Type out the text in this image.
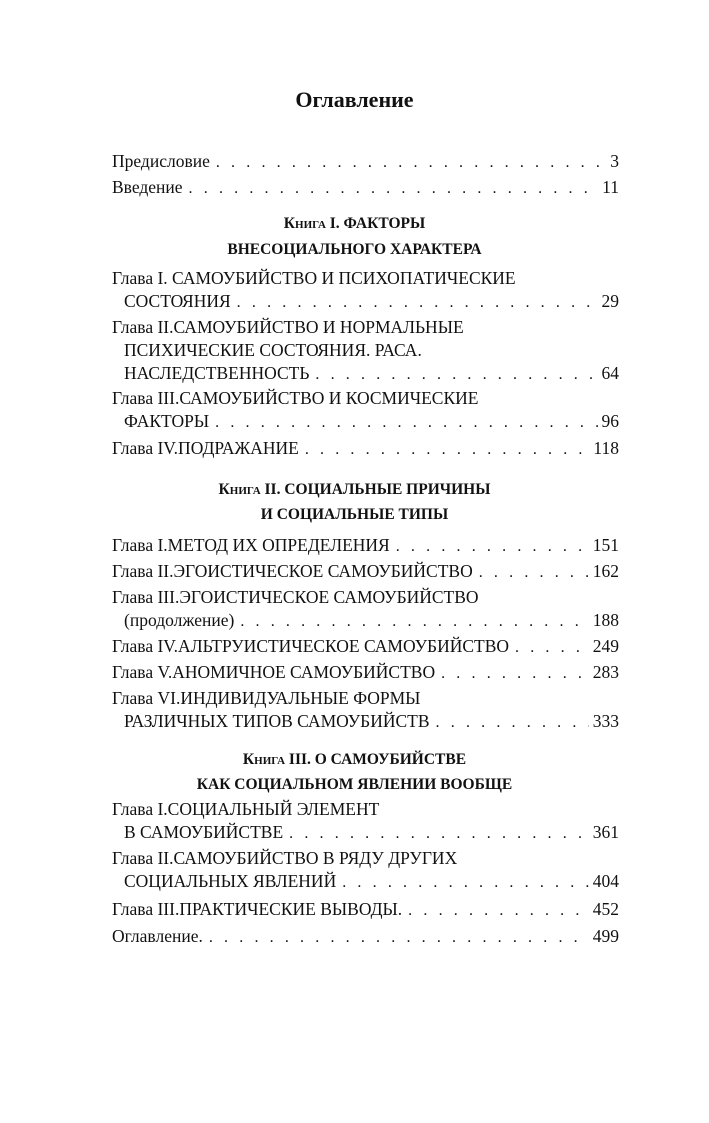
Оглавление
Предисловие . . .	3
Введение . . .	11
Книга I. ФАКТОРЫ
ВНЕСОЦИАЛЬНОГО ХАРАКТЕРА
Глава I. САМОУБИЙСТВО И ПСИХОПАТИЧЕСКИЕ
СОСТОЯНИЯ . . .	29
Глава II.САМОУБИЙСТВО И НОРМАЛЬНЫЕ
ПСИХИЧЕСКИЕ СОСТОЯНИЯ. РАСА.
НАСЛЕДСТВЕННОСТЬ . . .	64
Глава III.САМОУБИЙСТВО И КОСМИЧЕСКИЕ
ФАКТОРЫ . . .	96
Глава IV.ПОДРАЖАНИЕ . . .	118
Книга II. СОЦИАЛЬНЫЕ ПРИЧИНЫ
И СОЦИАЛЬНЫЕ ТИПЫ
Глава I.МЕТОД ИХ ОПРЕДЕЛЕНИЯ . . .	151
Глава II.ЭГОИСТИЧЕСКОЕ САМОУБИЙСТВО . . .	162
Глава III.ЭГОИСТИЧЕСКОЕ САМОУБИЙСТВО
(продолжение) . . .	188
Глава IV.АЛЬТРУИСТИЧЕСКОЕ САМОУБИЙСТВО . . .	249
Глава V.АНОМИЧНОЕ САМОУБИЙСТВО . . .	283
Глава VI.ИНДИВИДУАЛЬНЫЕ ФОРМЫ
РАЗЛИЧНЫХ ТИПОВ САМОУБИЙСТВ . . .	333
Книга III. О САМОУБИЙСТВЕ
КАК СОЦИАЛЬНОМ ЯВЛЕНИИ ВООБЩЕ
Глава I.СОЦИАЛЬНЫЙ ЭЛЕМЕНТ
В САМОУБИЙСТВЕ . . .	361
Глава II.САМОУБИЙСТВО В РЯДУ ДРУГИХ
СОЦИАЛЬНЫХ ЯВЛЕНИЙ . . .	404
Глава III.ПРАКТИЧЕСКИЕ ВЫВОДЫ. . . .	452
Оглавление. . . .	499
